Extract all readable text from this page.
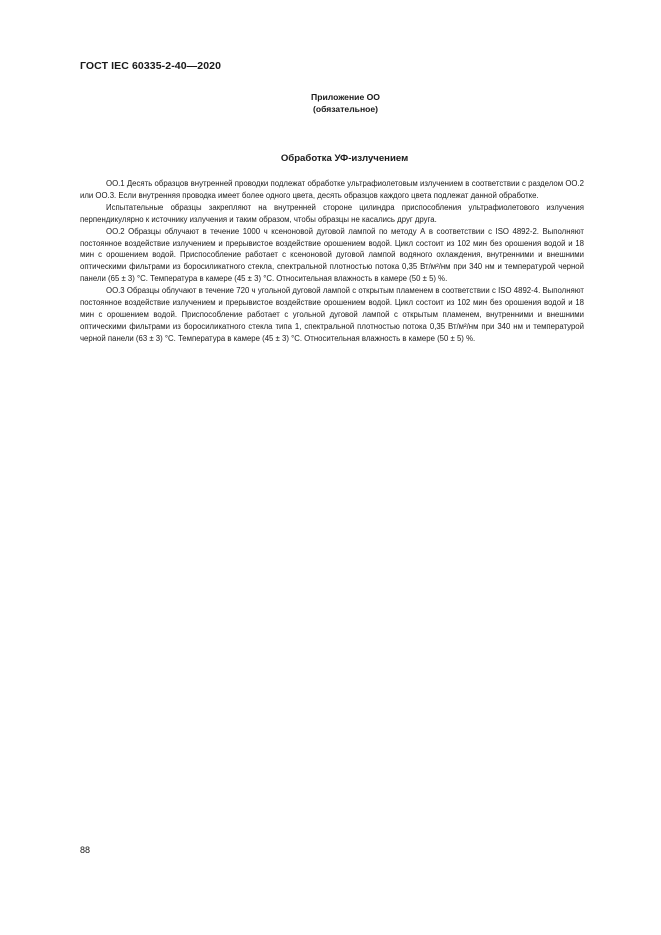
ГОСТ IEC 60335-2-40—2020
Приложение ОО
(обязательное)
Обработка УФ-излучением

ОО.1 Десять образцов внутренней проводки подлежат обработке ультрафиолетовым излучением в соответствии с разделом ОО.2 или ОО.3. Если внутренняя проводка имеет более одного цвета, десять образцов каждого цвета подлежат данной обработке.

Испытательные образцы закрепляют на внутренней стороне цилиндра приспособления ультрафиолетового излучения перпендикулярно к источнику излучения и таким образом, чтобы образцы не касались друг друга.

ОО.2 Образцы облучают в течение 1000 ч ксеноновой дуговой лампой по методу А в соответствии с ISO 4892-2. Выполняют постоянное воздействие излучением и прерывистое воздействие орошением водой. Цикл состоит из 102 мин без орошения водой и 18 мин с орошением водой. Приспособление работает с ксеноновой дуговой лампой водяного охлаждения, внутренними и внешними оптическими фильтрами из боросиликатного стекла, спектральной плотностью потока 0,35 Вт/м²/нм при 340 нм и температурой черной панели (65 ± 3) °С. Температура в камере (45 ± 3) °С. Относительная влажность в камере (50 ± 5) %.

ОО.3 Образцы облучают в течение 720 ч угольной дуговой лампой с открытым пламенем в соответствии с ISO 4892-4. Выполняют постоянное воздействие излучением и прерывистое воздействие орошением водой. Цикл состоит из 102 мин без орошения водой и 18 мин с орошением водой. Приспособление работает с угольной дуговой лампой с открытым пламенем, внутренними и внешними оптическими фильтрами из боросиликатного стекла типа 1, спектральной плотностью потока 0,35 Вт/м²/нм при 340 нм и температурой черной панели (63 ± 3) °С. Температура в камере (45 ± 3) °С. Относительная влажность в камере (50 ± 5) %.

88
